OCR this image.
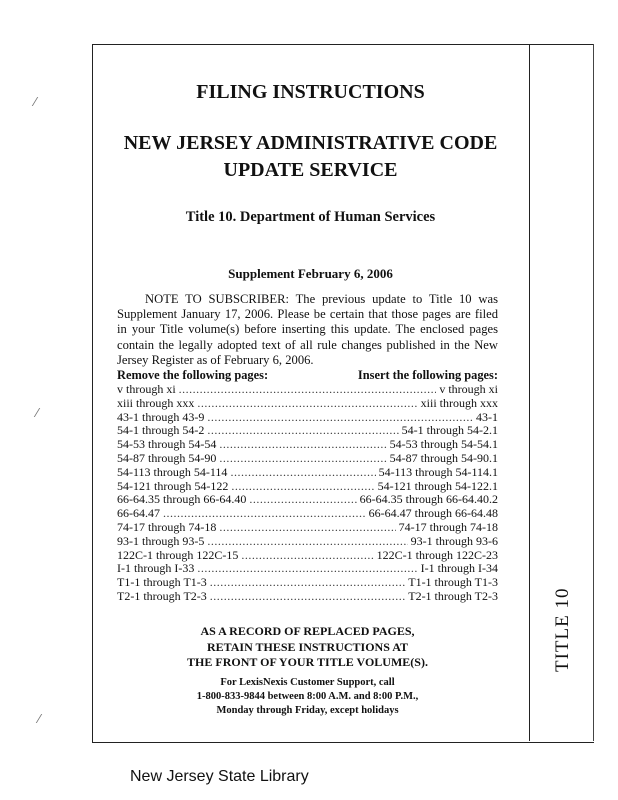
TITLE 10
FILING INSTRUCTIONS
NEW JERSEY ADMINISTRATIVE CODE
UPDATE SERVICE
Title 10. Department of Human Services
Supplement February 6, 2006
NOTE TO SUBSCRIBER: The previous update to Title 10 was Supplement January 17, 2006. Please be certain that those pages are filed in your Title volume(s) before inserting this update. The enclosed pages contain the legally adopted text of all rule changes published in the New Jersey Register as of February 6, 2006.
Remove the following pages:	Insert the following pages:
v through xi .....	v through xi
xiii through xxx .....	xiii through xxx
43-1 through 43-9 .....	43-1
54-1 through 54-2 .....	54-1 through 54-2.1
54-53 through 54-54 .....	54-53 through 54-54.1
54-87 through 54-90 .....	54-87 through 54-90.1
54-113 through 54-114 .....	54-113 through 54-114.1
54-121 through 54-122 .....	54-121 through 54-122.1
66-64.35 through 66-64.40 .....	66-64.35 through 66-64.40.2
66-64.47 .....	66-64.47 through 66-64.48
74-17 through 74-18 .....	74-17 through 74-18
93-1 through 93-5 .....	93-1 through 93-6
122C-1 through 122C-15 .....	122C-1 through 122C-23
I-1 through I-33 .....	I-1 through I-34
T1-1 through T1-3 .....	T1-1 through T1-3
T2-1 through T2-3 .....	T2-1 through T2-3
AS A RECORD OF REPLACED PAGES,
RETAIN THESE INSTRUCTIONS AT
THE FRONT OF YOUR TITLE VOLUME(S).
For LexisNexis Customer Support, call
1-800-833-9844 between 8:00 A.M. and 8:00 P.M.,
Monday through Friday, except holidays
New Jersey State Library
⁄
⁄
⁄
